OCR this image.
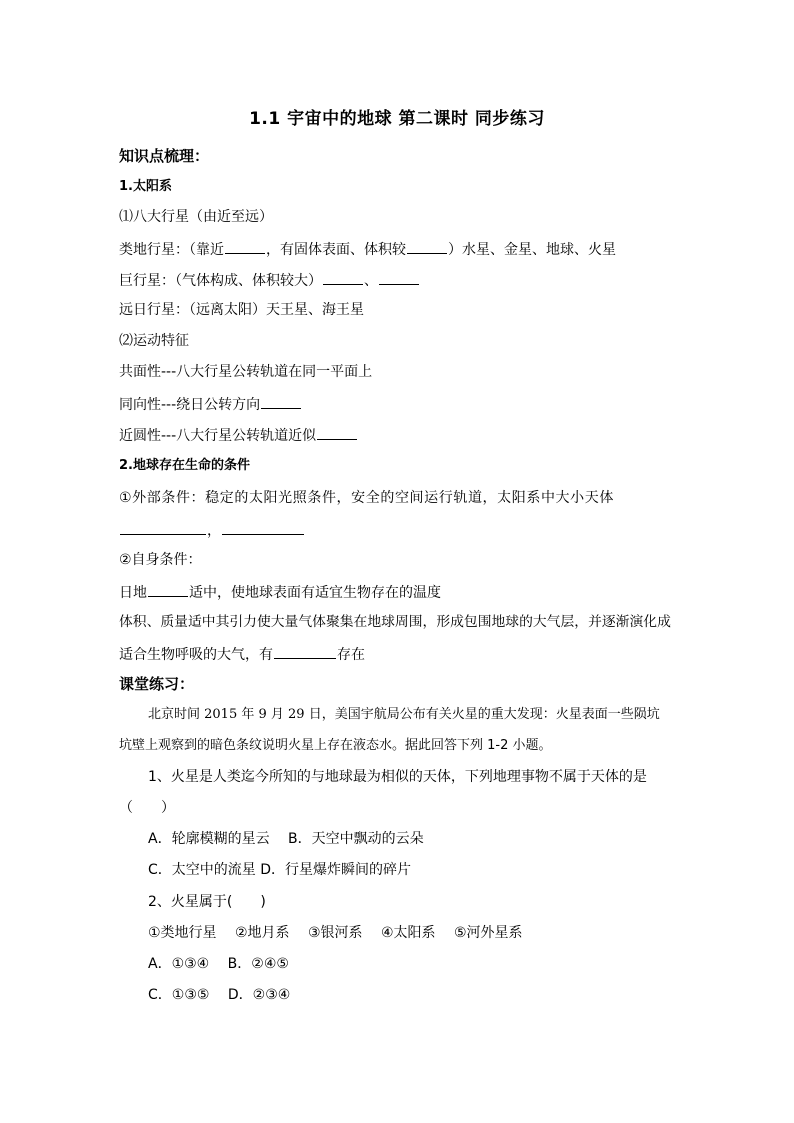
1.1 宇宙中的地球 第二课时 同步练习
知识点梳理：
1.太阳系
⑴八大行星（由近至远）
类地行星：（靠近	，有固体表面、体积较	）水星、金星、地球、火星
巨行星：（气体构成、体积较大）	、
远日行星：（远离太阳）天王星、海王星
⑵运动特征
共面性---八大行星公转轨道在同一平面上
同向性---绕日公转方向
近圆性---八大行星公转轨道近似
2.地球存在生命的条件
①外部条件：稳定的太阳光照条件，安全的空间运行轨道，太阳系中大小天体
，
②自身条件：
日地	适中，使地球表面有适宜生物存在的温度
体积、质量适中其引力使大量气体聚集在地球周围，形成包围地球的大气层，并逐渐演化成
适合生物呼吸的大气，有	存在
课堂练习：
北京时间 2015 年 9 月 29 日，美国宇航局公布有关火星的重大发现：火星表面一些陨坑
坑壁上观察到的暗色条纹说明火星上存在液态水。据此回答下列 1-2 小题。
1、火星是人类迄今所知的与地球最为相似的天体，下列地理事物不属于天体的是
（　　）
A．轮廓模糊的星云　 B．天空中飘动的云朵
C．太空中的流星 D．行星爆炸瞬间的碎片
2、火星属于(　　)
①类地行星　 ②地月系　 ③银河系　 ④太阳系　 ⑤河外星系
A．①③④　 B．②④⑤
C．①③⑤　 D．②③④
